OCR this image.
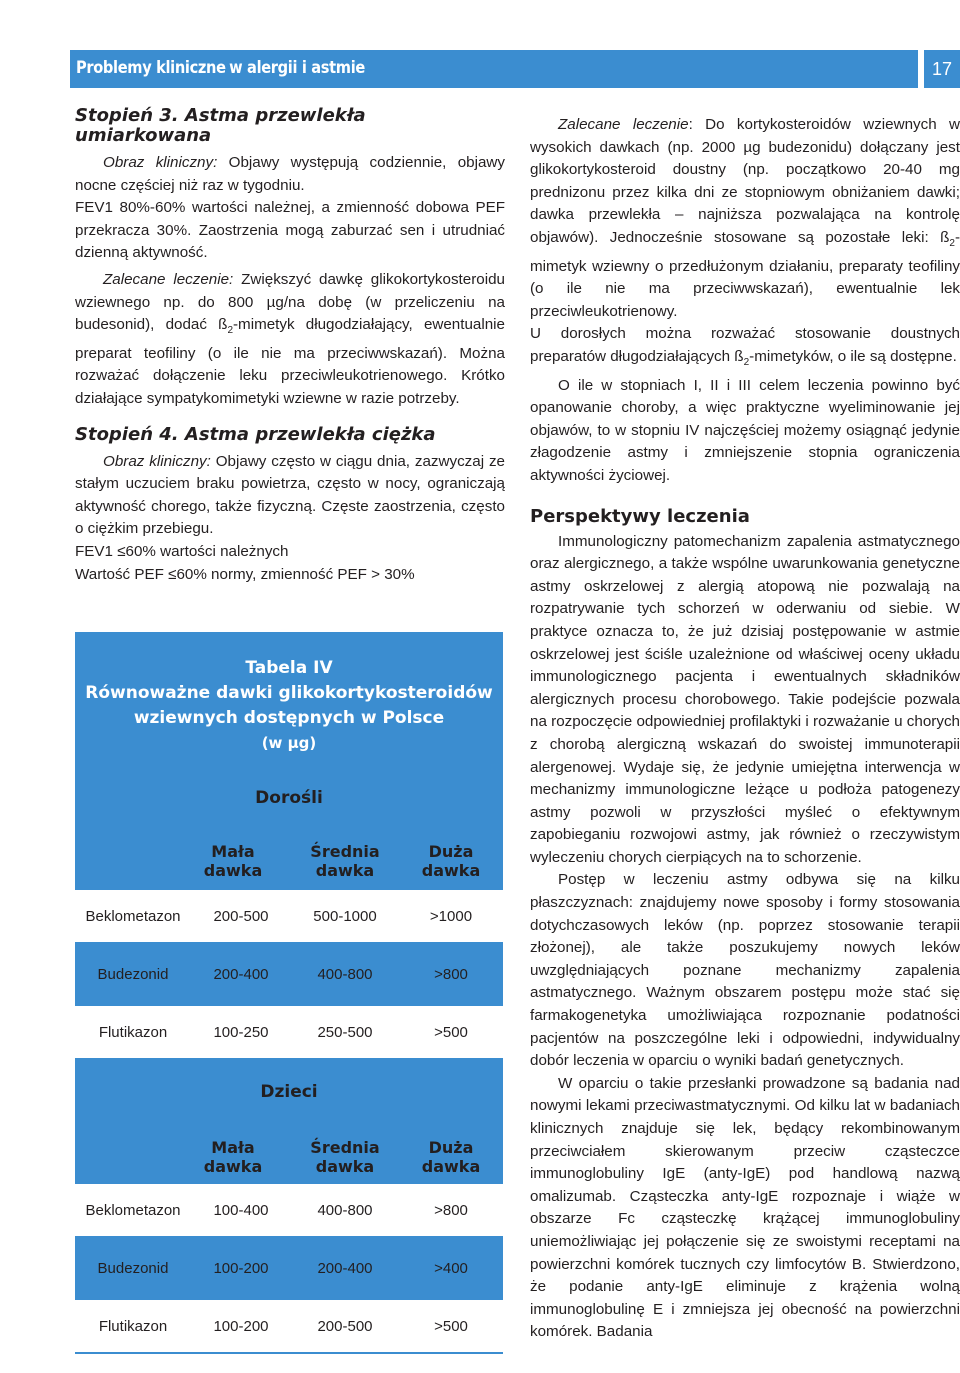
Problemy kliniczne w alergii i astmie	17
Stopień 3. Astma przewlekła
umiarkowana

Obraz kliniczny: Objawy występują codziennie, objawy nocne częściej niż raz w tygodniu.

FEV1 80%-60% wartości należnej, a zmienność dobowa PEF przekracza 30%. Zaostrzenia mogą zaburzać sen i utrudniać dzienną aktywność.

Zalecane leczenie: Zwiększyć dawkę glikokortykosteroidu wziewnego np. do 800 µg/na dobę (w przeliczeniu na budesonid), dodać $ß_2$-mimetyk długodziałający, ewentualnie preparat teofiliny (o ile nie ma przeciwwskazań). Można rozważać dołączenie leku przeciwleukotrienowego. Krótko działające sympatykomimetyki wziewne w razie potrzeby.

Stopień 4. Astma przewlekła ciężka

Obraz kliniczny: Objawy często w ciągu dnia, zazwyczaj ze stałym uczuciem braku powietrza, często w nocy, ograniczają aktywność chorego, także fizyczną. Częste zaostrzenia, często o ciężkim przebiegu.

FEV1 ≤60% wartości należnych

Wartość PEF ≤60% normy, zmienność PEF > 30%

Tabela IV
Równoważne dawki glikokortykosteroidów
wziewnych dostępnych w Polsce
(w µg)
Dorośli
Mała
dawka
Średnia
dawka
Duża
dawka
Beklometazon	200-500	500-1000	>1000
Budezonid	200-400	400-800	>800
Flutikazon	100-250	250-500	>500
Dzieci
Mała
dawka
Średnia
dawka
Duża
dawka
Beklometazon	100-400	400-800	>800
Budezonid	100-200	200-400	>400
Flutikazon	100-200	200-500	>500

Zalecane leczenie: Do kortykosteroidów wziewnych w wysokich dawkach (np. 2000 µg budezonidu) dołączany jest glikokortykosteroid doustny (np. początkowo 20-40 mg prednizonu przez kilka dni ze stopniowym obniżaniem dawki; dawka przewlekła – najniższa pozwalająca na kontrolę objawów). Jednocześnie stosowane są pozostałe leki: $ß_2$-mimetyk wziewny o przedłużonym działaniu, preparaty teofiliny (o ile nie ma przeciwwskazań), ewentualnie lek przeciwleukotrienowy.

U dorosłych można rozważać stosowanie doustnych preparatów długodziałających $ß_2$-mimetyków, o ile są dostępne.

O ile w stopniach I, II i III celem leczenia powinno być opanowanie choroby, a więc praktyczne wyeliminowanie jej objawów, to w stopniu IV najczęściej możemy osiągnąć jedynie złagodzenie astmy i zmniejszenie stopnia ograniczenia aktywności życiowej.

Perspektywy leczenia

Immunologiczny patomechanizm zapalenia astmatycznego oraz alergicznego, a także wspólne uwarunkowania genetyczne astmy oskrzelowej z alergią atopową nie pozwalają na rozpatrywanie tych schorzeń w oderwaniu od siebie. W praktyce oznacza to, że już dzisiaj postępowanie w astmie oskrzelowej jest ściśle uzależnione od właściwej oceny układu immunologicznego pacjenta i ewentualnych składników alergicznych procesu chorobowego. Takie podejście pozwala na rozpoczęcie odpowiedniej profilaktyki i rozważanie u chorych z chorobą alergiczną wskazań do swoistej immunoterapii alergenowej. Wydaje się, że jedynie umiejętna interwencja w mechanizmy immunologiczne leżące u podłoża patogenezy astmy pozwoli w przyszłości myśleć o efektywnym zapobieganiu rozwojowi astmy, jak również o rzeczywistym wyleczeniu chorych cierpiących na to schorzenie.

Postęp w leczeniu astmy odbywa się na kilku płaszczyznach: znajdujemy nowe sposoby i formy stosowania dotychczasowych leków (np. poprzez stosowanie terapii złożonej), ale także poszukujemy nowych leków uwzględniających poznane mechanizmy zapalenia astmatycznego. Ważnym obszarem postępu może stać się farmakogenetyka umożliwiająca rozpoznanie podatności pacjentów na poszczególne leki i odpowiedni, indywidualny dobór leczenia w oparciu o wyniki badań genetycznych.

W oparciu o takie przesłanki prowadzone są badania nad nowymi lekami przeciwastmatycznymi. Od kilku lat w badaniach klinicznych znajduje się lek, będący rekombinowanym przeciwciałem skierowanym przeciw cząsteczce immunoglobuliny IgE (anty-IgE) pod handlową nazwą omalizumab. Cząsteczka anty-IgE rozpoznaje i wiąże w obszarze Fc cząsteczkę krążącej immunoglobuliny uniemożliwiając jej połączenie się ze swoistymi receptami na powierzchni komórek tucznych czy limfocytów B. Stwierdzono, że podanie anty-IgE eliminuje z krążenia wolną immunoglobulinę E i zmniejsza jej obecność na powierzchni komórek. Badania
